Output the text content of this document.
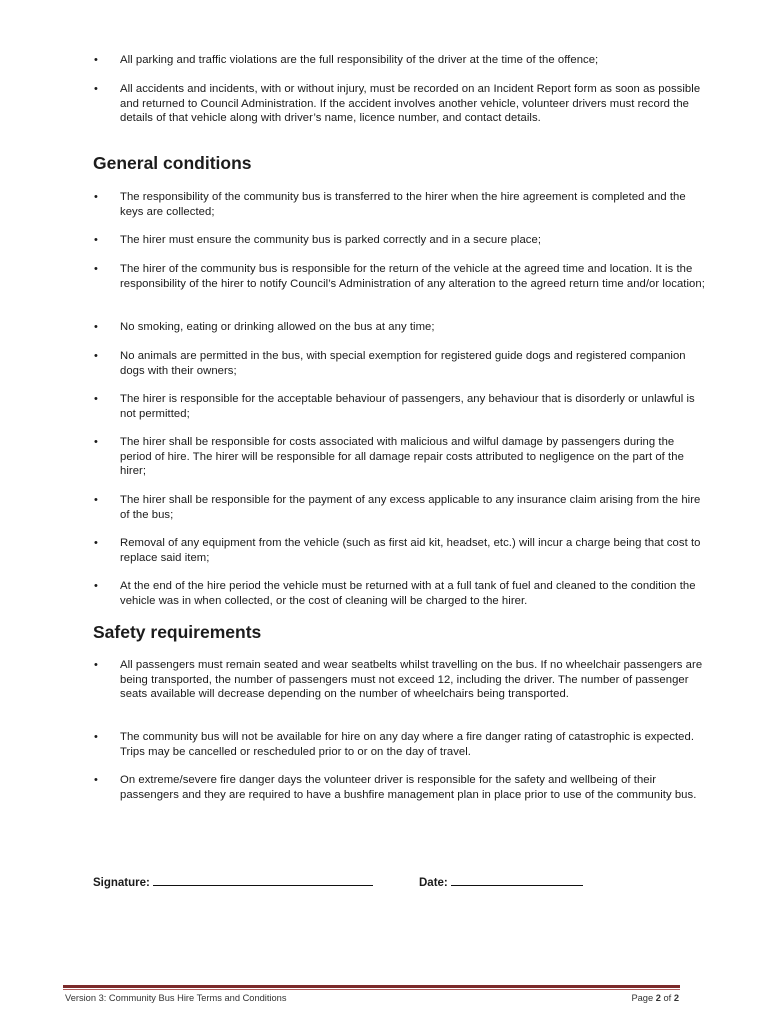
• All parking and traffic violations are the full responsibility of the driver at the time of the offence;
• All accidents and incidents, with or without injury, must be recorded on an Incident Report form as soon as possible and returned to Council Administration. If the accident involves another vehicle, volunteer drivers must record the details of that vehicle along with driver’s name, licence number, and contact details.
General conditions
• The responsibility of the community bus is transferred to the hirer when the hire agreement is completed and the keys are collected;
• The hirer must ensure the community bus is parked correctly and in a secure place;
• The hirer of the community bus is responsible for the return of the vehicle at the agreed time and location. It is the responsibility of the hirer to notify Council’s Administration of any alteration to the agreed return time and/or location;
• No smoking, eating or drinking allowed on the bus at any time;
• No animals are permitted in the bus, with special exemption for registered guide dogs and registered companion dogs with their owners;
• The hirer is responsible for the acceptable behaviour of passengers, any behaviour that is disorderly or unlawful is not permitted;
• The hirer shall be responsible for costs associated with malicious and wilful damage by passengers during the period of hire. The hirer will be responsible for all damage repair costs attributed to negligence on the part of the hirer;
• The hirer shall be responsible for the payment of any excess applicable to any insurance claim arising from the hire of the bus;
• Removal of any equipment from the vehicle (such as first aid kit, headset, etc.) will incur a charge being that cost to replace said item;
• At the end of the hire period the vehicle must be returned with at a full tank of fuel and cleaned to the condition the vehicle was in when collected, or the cost of cleaning will be charged to the hirer.
Safety requirements
• All passengers must remain seated and wear seatbelts whilst travelling on the bus. If no wheelchair passengers are being transported, the number of passengers must not exceed 12, including the driver. The number of passenger seats available will decrease depending on the number of wheelchairs being transported.
• The community bus will not be available for hire on any day where a fire danger rating of catastrophic is expected. Trips may be cancelled or rescheduled prior to or on the day of travel.
• On extreme/severe fire danger days the volunteer driver is responsible for the safety and wellbeing of their passengers and they are required to have a bushfire management plan in place prior to use of the community bus.
Signature:	Date:
Version 3: Community Bus Hire Terms and Conditions	Page 2 of 2
